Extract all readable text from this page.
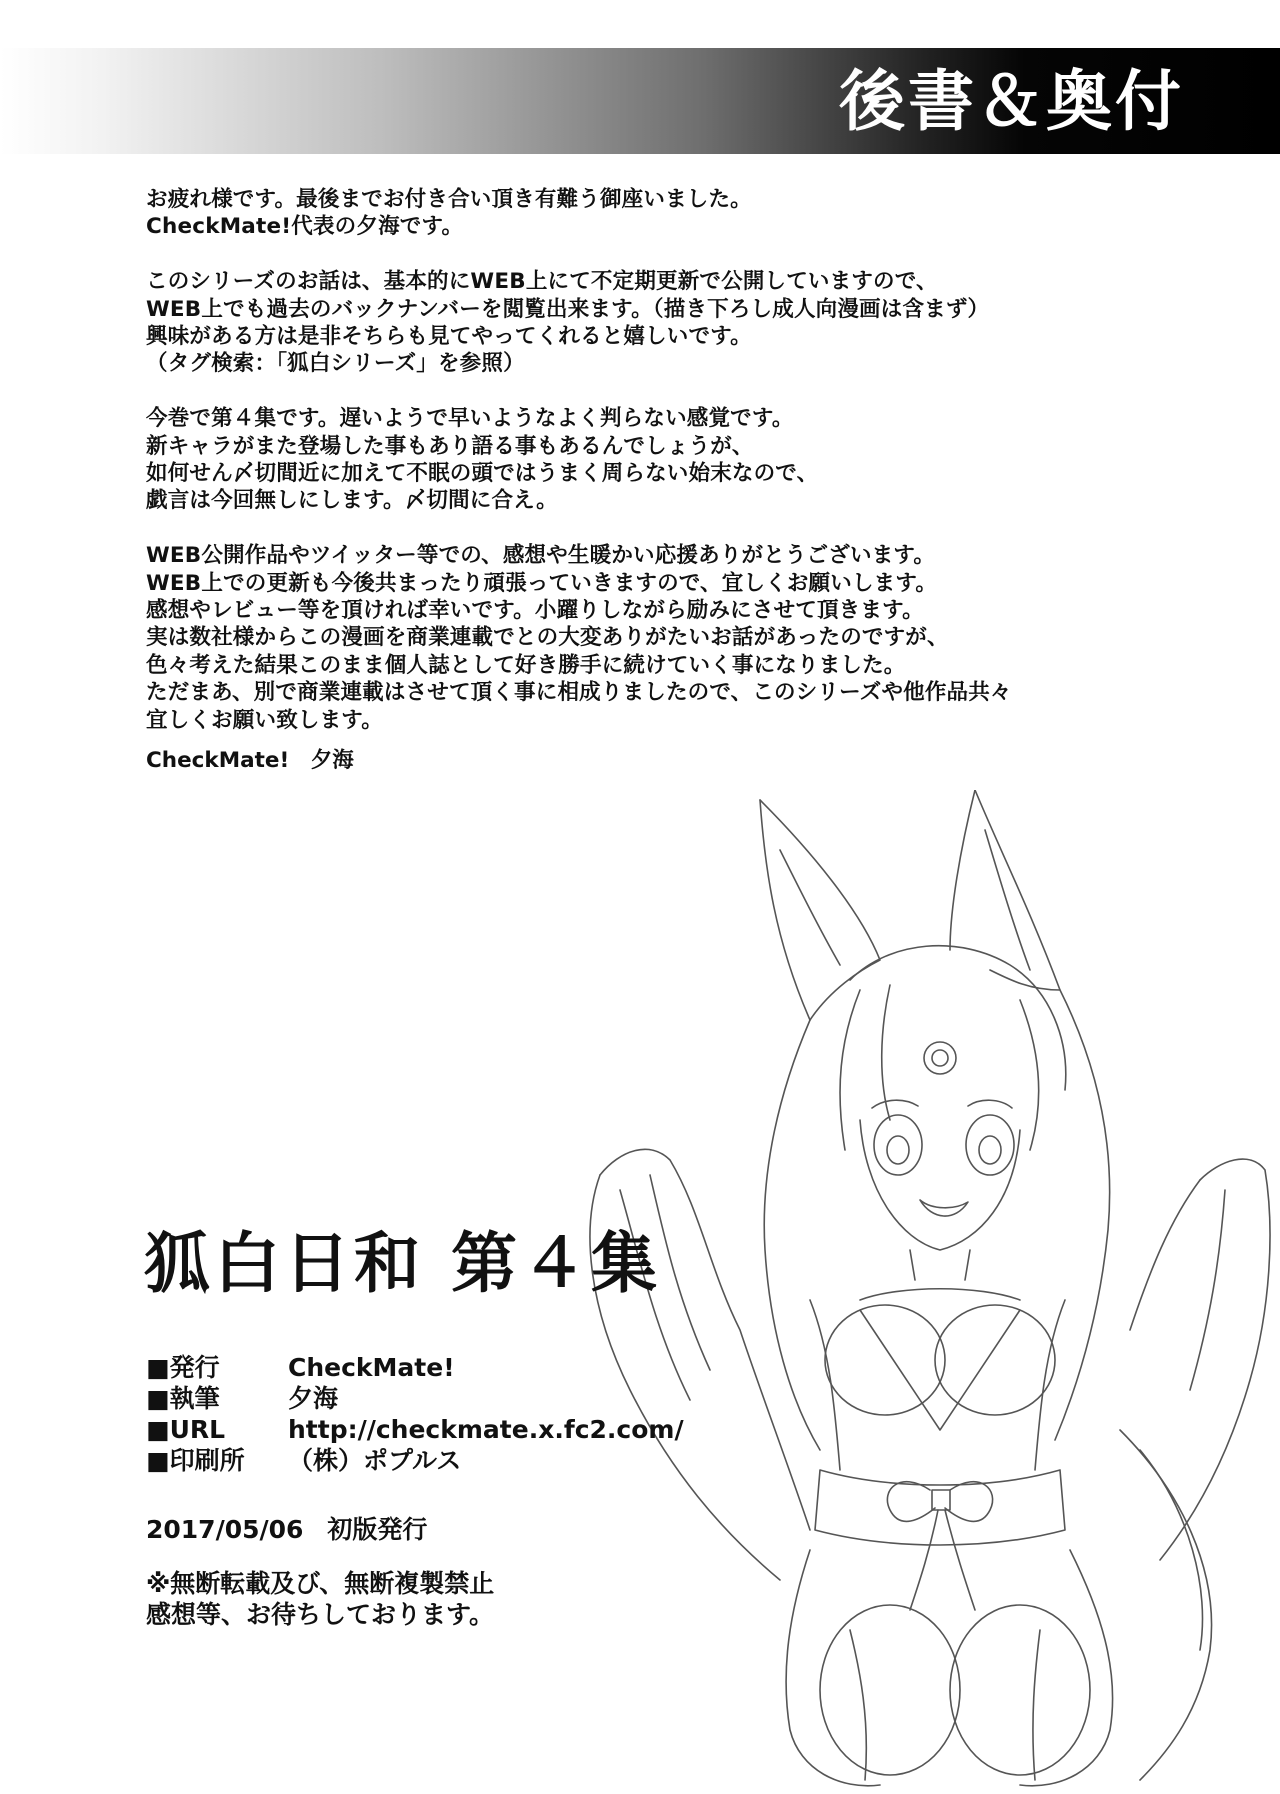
後書＆奥付

お疲れ様です。最後までお付き合い頂き有難う御座いました。
CheckMate!代表の夕海です。

このシリーズのお話は、基本的にWEB上にて不定期更新で公開していますので、
WEB上でも過去のバックナンバーを閲覧出来ます。（描き下ろし成人向漫画は含まず）
興味がある方は是非そちらも見てやってくれると嬉しいです。
（タグ検索：「狐白シリーズ」を参照）

今巻で第４集です。遅いようで早いようなよく判らない感覚です。
新キャラがまた登場した事もあり語る事もあるんでしょうが、
如何せん〆切間近に加えて不眠の頭ではうまく周らない始末なので、
戯言は今回無しにします。〆切間に合え。

WEB公開作品やツイッター等での、感想や生暖かい応援ありがとうございます。
WEB上での更新も今後共まったり頑張っていきますので、宜しくお願いします。
感想やレビュー等を頂ければ幸いです。小躍りしながら励みにさせて頂きます。
実は数社様からこの漫画を商業連載でとの大変ありがたいお話があったのですが、
色々考えた結果このまま個人誌として好き勝手に続けていく事になりました。
ただまあ、別で商業連載はさせて頂く事に相成りましたので、このシリーズや他作品共々
宜しくお願い致します。

CheckMate!　夕海
狐白日和 第４集
■発行	CheckMate!
■執筆	夕海
■URL	http://checkmate.x.fc2.com/
■印刷所	（株）ポプルス
2017/05/06 初版発行
※無断転載及び、無断複製禁止
感想等、お待ちしております。
